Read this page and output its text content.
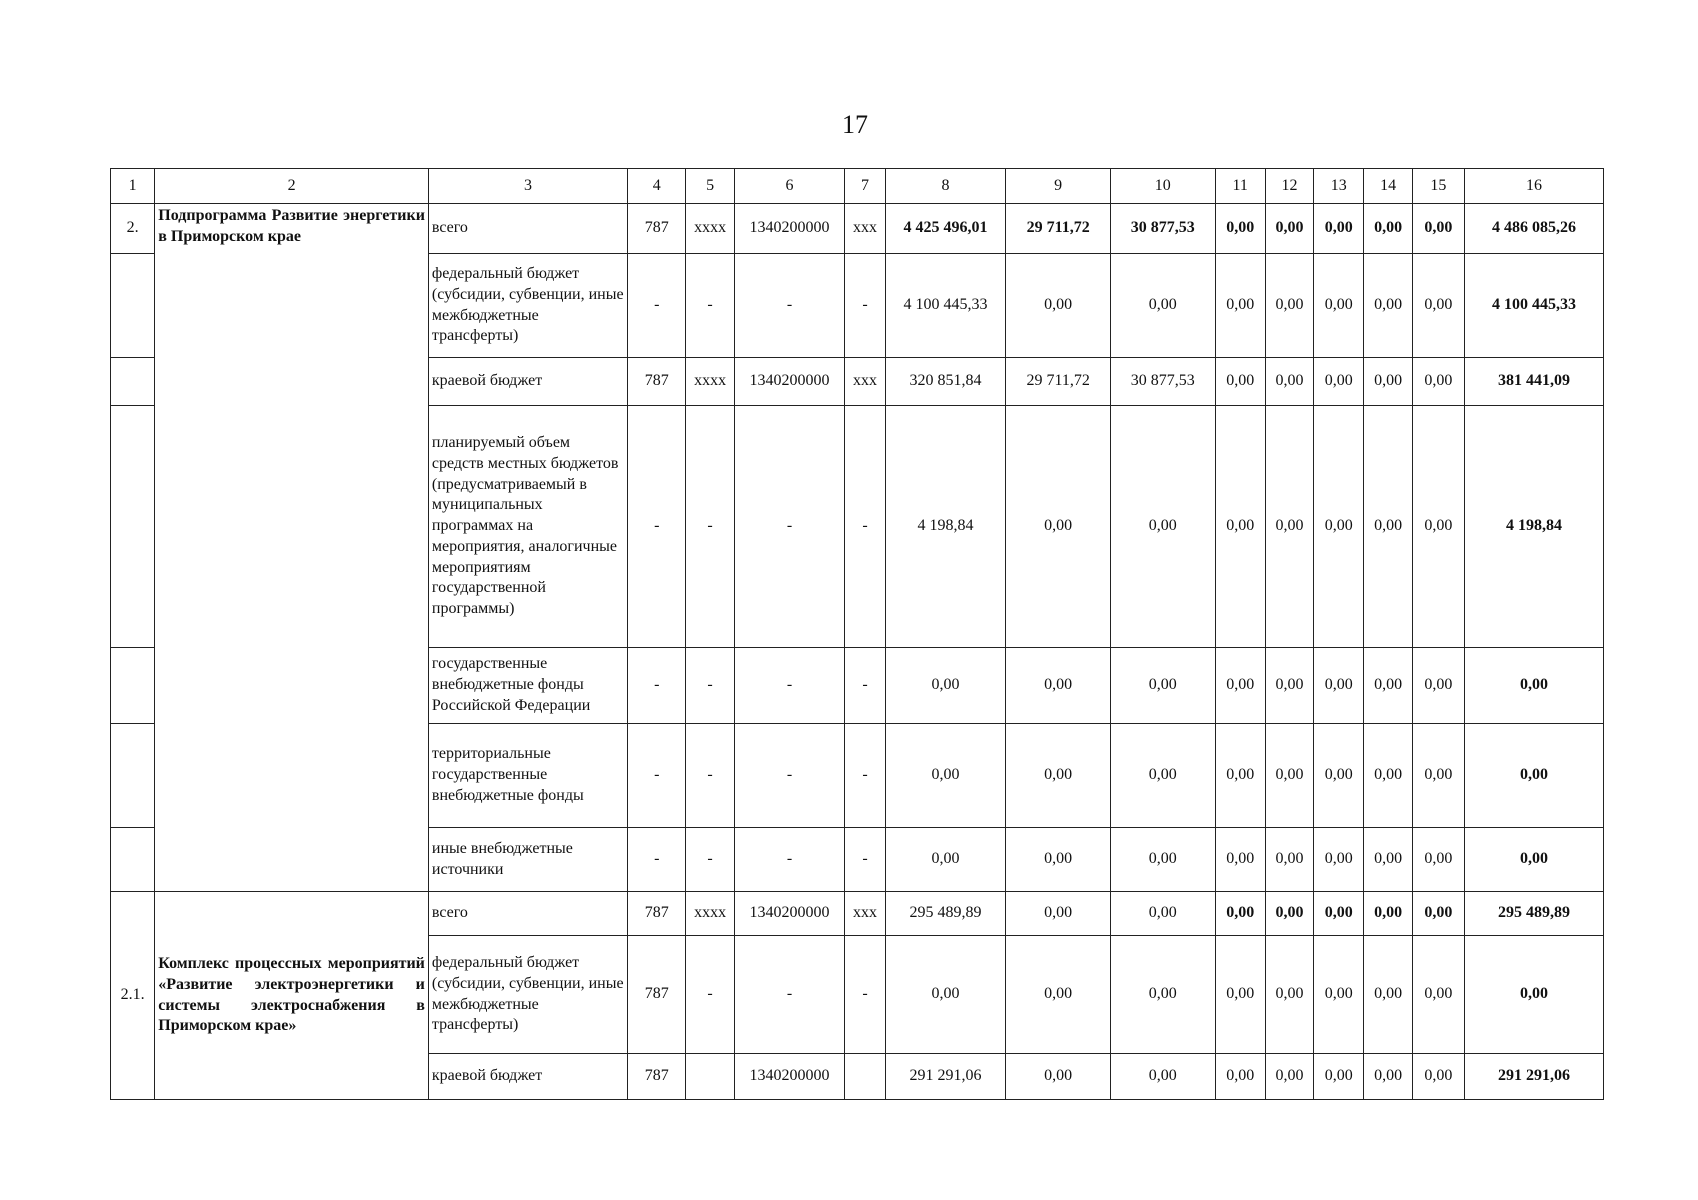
17
1	2	3	4	5	6	7	8	9	10	11	12	13	14	15	16
2.	Подпрограмма Развитие энергетики в Приморском крае	всего	787	xxxx	1340200000	xxx	4 425 496,01	29 711,72	30 877,53	0,00	0,00	0,00	0,00	0,00	4 486 085,26
		федеральный бюджет (субсидии, субвенции, иные межбюджетные трансферты)	-	-	-	-	4 100 445,33	0,00	0,00	0,00	0,00	0,00	0,00	0,00	4 100 445,33
		краевой бюджет	787	xxxx	1340200000	xxx	320 851,84	29 711,72	30 877,53	0,00	0,00	0,00	0,00	0,00	381 441,09
		планируемый объем средств местных бюджетов (предусматриваемый в муниципальных программах на мероприятия, аналогичные мероприятиям государственной программы)	-	-	-	-	4 198,84	0,00	0,00	0,00	0,00	0,00	0,00	0,00	4 198,84
		государственные внебюджетные фонды Российской Федерации	-	-	-	-	0,00	0,00	0,00	0,00	0,00	0,00	0,00	0,00	0,00
		территориальные государственные внебюджетные фонды	-	-	-	-	0,00	0,00	0,00	0,00	0,00	0,00	0,00	0,00	0,00
		иные внебюджетные источники	-	-	-	-	0,00	0,00	0,00	0,00	0,00	0,00	0,00	0,00	0,00
2.1.	Комплекс процессных мероприятий «Развитие электроэнергетики и системы электроснабжения в Приморском крае»	всего	787	xxxx	1340200000	xxx	295 489,89	0,00	0,00	0,00	0,00	0,00	0,00	0,00	295 489,89
		федеральный бюджет (субсидии, субвенции, иные межбюджетные трансферты)	787	-	-	-	0,00	0,00	0,00	0,00	0,00	0,00	0,00	0,00	0,00
		краевой бюджет	787		1340200000		291 291,06	0,00	0,00	0,00	0,00	0,00	0,00	0,00	291 291,06
